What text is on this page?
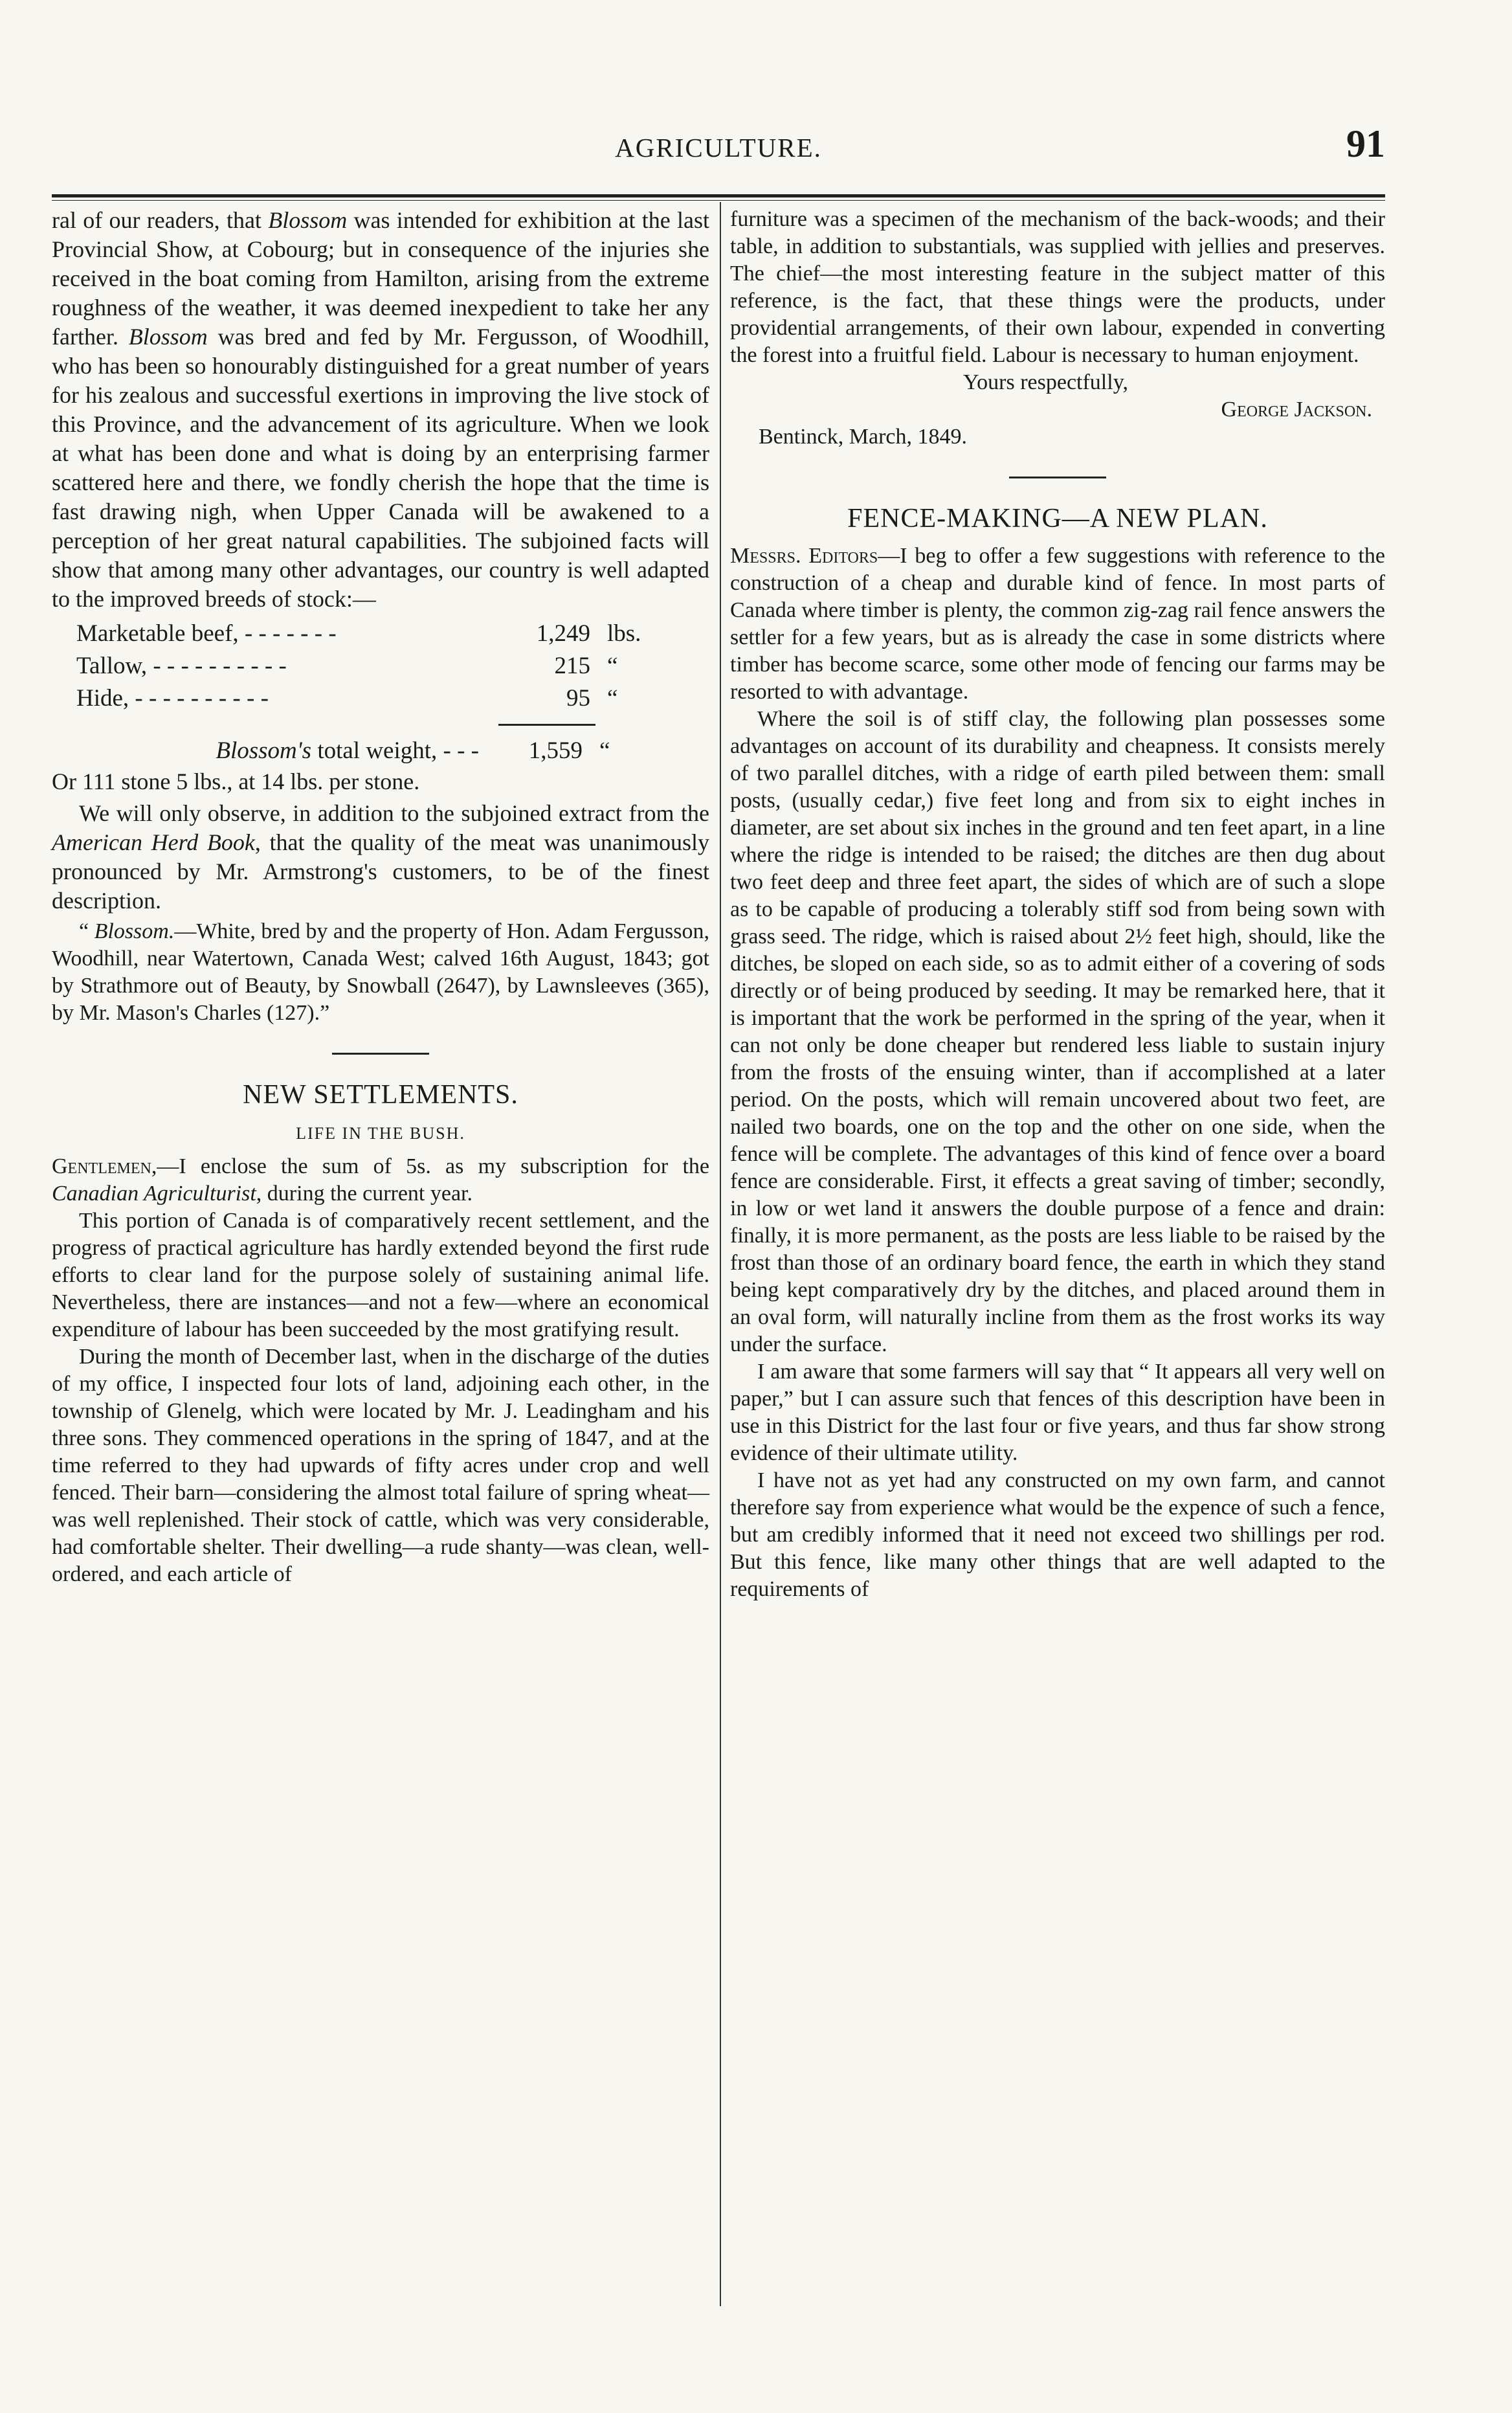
AGRICULTURE.	91

ral of our readers, that Blossom was intended for exhibition at the last Provincial Show, at Cobourg; but in consequence of the injuries she received in the boat coming from Hamilton, arising from the extreme roughness of the weather, it was deemed inexpedient to take her any farther. Blossom was bred and fed by Mr. Fergusson, of Woodhill, who has been so honourably distinguished for a great number of years for his zealous and successful exertions in improving the live stock of this Province, and the advancement of its agriculture. When we look at what has been done and what is doing by an enterprising farmer scattered here and there, we fondly cherish the hope that the time is fast drawing nigh, when Upper Canada will be awakened to a perception of her great natural capabilities. The subjoined facts will show that among many other advantages, our country is well adapted to the improved breeds of stock:—

Marketable beef, - - - - - - -	1,249	lbs.
Tallow, - - - - - - - - - -	215	“
Hide, - - - - - - - - - -	95	“
Blossom's total weight, - - - 1,559 “

Or 111 stone 5 lbs., at 14 lbs. per stone.

We will only observe, in addition to the subjoined extract from the American Herd Book, that the quality of the meat was unanimously pronounced by Mr. Armstrong's customers, to be of the finest description.

“ Blossom.—White, bred by and the property of Hon. Adam Fergusson, Woodhill, near Watertown, Canada West; calved 16th August, 1843; got by Strathmore out of Beauty, by Snowball (2647), by Lawnsleeves (365), by Mr. Mason's Charles (127).”

NEW SETTLEMENTS.
LIFE IN THE BUSH.

Gentlemen,—I enclose the sum of 5s. as my subscription for the Canadian Agriculturist, during the current year.

This portion of Canada is of comparatively recent settlement, and the progress of practical agriculture has hardly extended beyond the first rude efforts to clear land for the purpose solely of sustaining animal life. Nevertheless, there are instances—and not a few—where an economical expenditure of labour has been succeeded by the most gratifying result.

During the month of December last, when in the discharge of the duties of my office, I inspected four lots of land, adjoining each other, in the township of Glenelg, which were located by Mr. J. Leadingham and his three sons. They commenced operations in the spring of 1847, and at the time referred to they had upwards of fifty acres under crop and well fenced. Their barn—considering the almost total failure of spring wheat—was well replenished. Their stock of cattle, which was very considerable, had comfortable shelter. Their dwelling—a rude shanty—was clean, well-ordered, and each article of

furniture was a specimen of the mechanism of the back-woods; and their table, in addition to substantials, was supplied with jellies and preserves. The chief—the most interesting feature in the subject matter of this reference, is the fact, that these things were the products, under providential arrangements, of their own labour, expended in converting the forest into a fruitful field. Labour is necessary to human enjoyment.

Yours respectfully,

George Jackson.

Bentinck, March, 1849.

FENCE-MAKING—A NEW PLAN.

Messrs. Editors—I beg to offer a few suggestions with reference to the construction of a cheap and durable kind of fence. In most parts of Canada where timber is plenty, the common zig-zag rail fence answers the settler for a few years, but as is already the case in some districts where timber has become scarce, some other mode of fencing our farms may be resorted to with advantage.

Where the soil is of stiff clay, the following plan possesses some advantages on account of its durability and cheapness. It consists merely of two parallel ditches, with a ridge of earth piled between them: small posts, (usually cedar,) five feet long and from six to eight inches in diameter, are set about six inches in the ground and ten feet apart, in a line where the ridge is intended to be raised; the ditches are then dug about two feet deep and three feet apart, the sides of which are of such a slope as to be capable of producing a tolerably stiff sod from being sown with grass seed. The ridge, which is raised about 2½ feet high, should, like the ditches, be sloped on each side, so as to admit either of a covering of sods directly or of being produced by seeding. It may be remarked here, that it is important that the work be performed in the spring of the year, when it can not only be done cheaper but rendered less liable to sustain injury from the frosts of the ensuing winter, than if accomplished at a later period. On the posts, which will remain uncovered about two feet, are nailed two boards, one on the top and the other on one side, when the fence will be complete. The advantages of this kind of fence over a board fence are considerable. First, it effects a great saving of timber; secondly, in low or wet land it answers the double purpose of a fence and drain: finally, it is more permanent, as the posts are less liable to be raised by the frost than those of an ordinary board fence, the earth in which they stand being kept comparatively dry by the ditches, and placed around them in an oval form, will naturally incline from them as the frost works its way under the surface.

I am aware that some farmers will say that “ It appears all very well on paper,” but I can assure such that fences of this description have been in use in this District for the last four or five years, and thus far show strong evidence of their ultimate utility.

I have not as yet had any constructed on my own farm, and cannot therefore say from experience what would be the expence of such a fence, but am credibly informed that it need not exceed two shillings per rod. But this fence, like many other things that are well adapted to the requirements of
